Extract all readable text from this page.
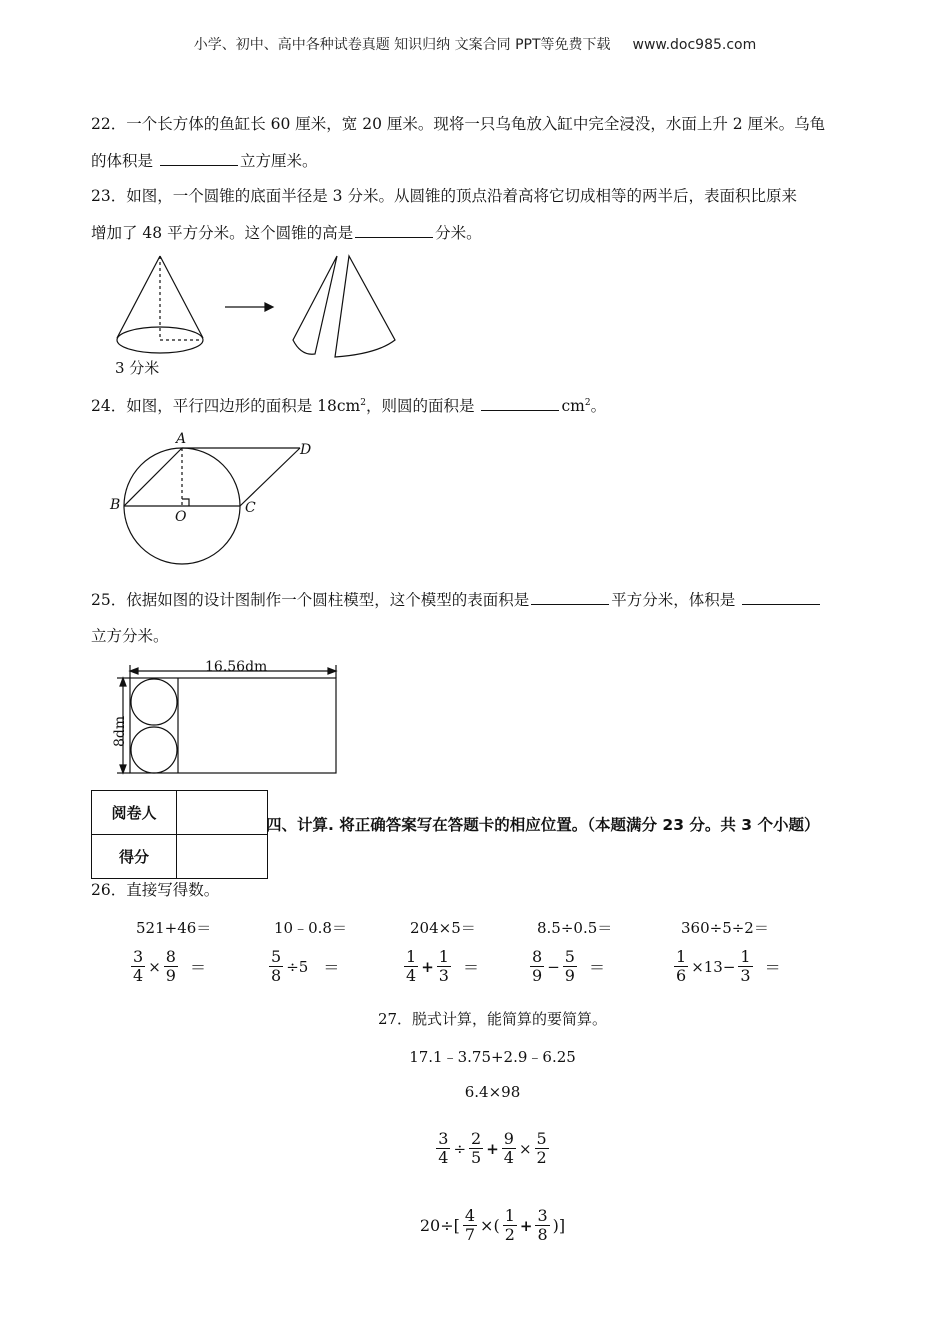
小学、初中、高中各种试卷真题 知识归纳 文案合同 PPT等免费下载 www.doc985.com
22．一个长方体的鱼缸长 60 厘米，宽 20 厘米。现将一只乌龟放入缸中完全浸没，水面上升 2 厘米。乌龟
的体积是	立方厘米。
23．如图，一个圆锥的底面半径是 3 分米。从圆锥的顶点沿着高将它切成相等的两半后，表面积比原来
增加了 48 平方分米。这个圆锥的高是	分米。
3 分米
24．如图，平行四边形的面积是 $18cm^2$，则圆的面积是	$cm^2$。
A
B	C
D
O
25．依据如图的设计图制作一个圆柱模型，这个模型的表面积是	平方分米，体积是
立方分米。
16.56dm
8dm
阅卷人	
得分	
四、计算. 将正确答案写在答题卡的相应位置。（本题满分 23 分。共 3 个小题）
26．直接写得数。
521+46＝	10﹣0.8＝	204×5＝	8.5÷0.5＝	360÷5÷2＝
$\frac{3}{4} \times \frac{8}{9}$ ＝	$\frac{5}{8} \div 5$ ＝	$\frac{1}{4} + \frac{1}{3}$ ＝	$\frac{8}{9} - \frac{5}{9}$ ＝	$\frac{1}{6} \times 13- \frac{1}{3}$ ＝
27．脱式计算，能简算的要简算。
17.1﹣3.75+2.9﹣6.25
6.4×98
$\frac{3}{4} \div \frac{2}{5} + \frac{9}{4} \times \frac{5}{2}$
$20\div[ \frac{4}{7}$ ×( $\frac{1}{2} + \frac{3}{8}$ )]
